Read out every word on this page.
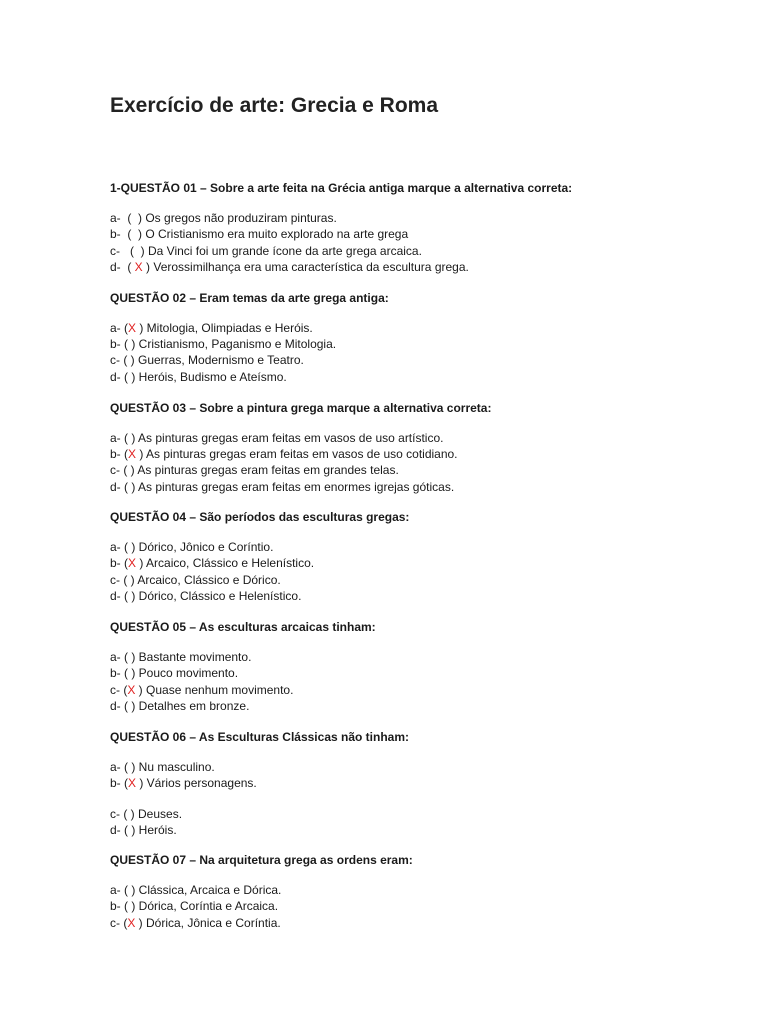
Exercício de arte: Grecia e Roma
1-QUESTÃO 01 – Sobre a arte feita na Grécia antiga marque a alternativa correta:
a-  ( ) Os gregos não produziram pinturas.
b-  ( ) O Cristianismo era muito explorado na arte grega
c-   ( ) Da Vinci foi um grande ícone da arte grega arcaica.
d-  ( X ) Verossimilhança era uma característica da escultura grega.
QUESTÃO 02 – Eram temas da arte grega antiga:
a- (X ) Mitologia, Olimpiadas e Heróis.
b- ( ) Cristianismo, Paganismo e Mitologia.
c- ( ) Guerras, Modernismo e Teatro.
d- ( ) Heróis, Budismo e Ateísmo.
QUESTÃO 03 – Sobre a pintura grega marque a alternativa correta:
a- ( ) As pinturas gregas eram feitas em vasos de uso artístico.
b- (X ) As pinturas gregas eram feitas em vasos de uso cotidiano.
c- ( ) As pinturas gregas eram feitas em grandes telas.
d- ( ) As pinturas gregas eram feitas em enormes igrejas góticas.
QUESTÃO 04 – São períodos das esculturas gregas:
a- ( ) Dórico, Jônico e Coríntio.
b- (X ) Arcaico, Clássico e Helenístico.
c- ( ) Arcaico, Clássico e Dórico.
d- ( ) Dórico, Clássico e Helenístico.
QUESTÃO 05 – As esculturas arcaicas tinham:
a- ( ) Bastante movimento.
b- ( ) Pouco movimento.
c- (X ) Quase nenhum movimento.
d- ( ) Detalhes em bronze.
QUESTÃO 06 – As Esculturas Clássicas não tinham:
a- ( ) Nu masculino.
b- (X ) Vários personagens.
c- ( ) Deuses.
d- ( ) Heróis.
QUESTÃO 07 – Na arquitetura grega as ordens eram:
a- ( ) Clássica, Arcaica e Dórica.
b- ( ) Dórica, Coríntia e Arcaica.
c- (X ) Dórica, Jônica e Coríntia.
